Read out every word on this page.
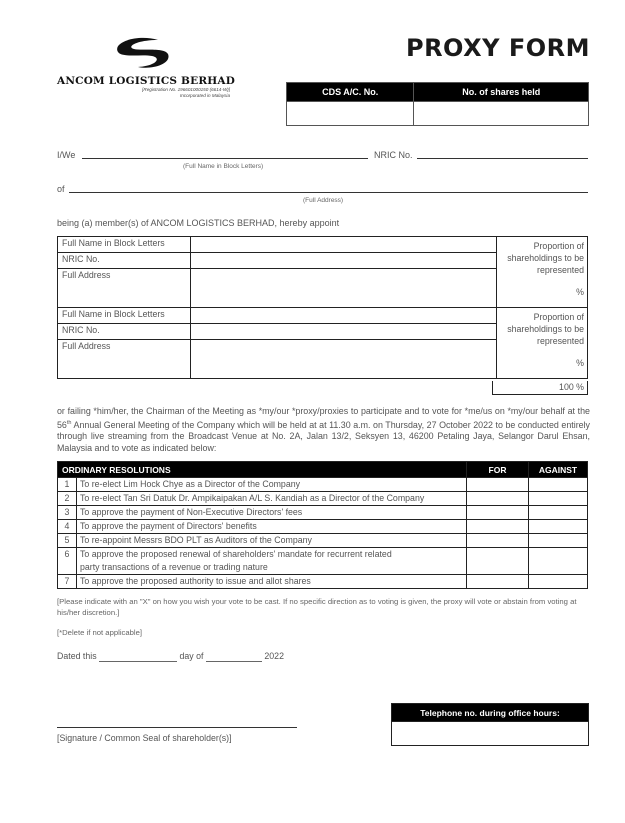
ANCOM LOGISTICS BERHAD
[Registration No. 196601000150 (6614-W)]
Incorporated in Malaysia
PROXY FORM
CDS A/C. No.	No. of shares held

I/We
(Full Name in Block Letters)
NRIC No.
of
(Full Address)
being (a) member(s) of ANCOM LOGISTICS BERHAD, hereby appoint
Full Name in Block Letters		Proportion of shareholdings to be represented
%

NRIC No.		
Full Address		
Full Name in Block Letters		Proportion of shareholdings to be represented
%

NRIC No.		
Full Address		
100 %
or failing *him/her, the Chairman of the Meeting as *my/our *proxy/proxies to participate and to vote for *me/us on *my/our behalf at the 56th Annual General Meeting of the Company which will be held at at 11.30 a.m. on Thursday, 27 October 2022 to be conducted entirely through live streaming from the Broadcast Venue at No. 2A, Jalan 13/2, Seksyen 13, 46200 Petaling Jaya, Selangor Darul Ehsan, Malaysia and to vote as indicated below:
ORDINARY RESOLUTIONS		FOR	AGAINST
1	To re-elect Lim Hock Chye as a Director of the Company		
2	To re-elect Tan Sri Datuk Dr. Ampikaipakan A/L S. Kandiah as a Director of the Company		
3	To approve the payment of Non-Executive Directors' fees		
4	To approve the payment of Directors' benefits		
5	To re-appoint Messrs BDO PLT as Auditors of the Company		
6	To approve the proposed renewal of shareholders' mandate for recurrent related party transactions of a revenue or trading nature		
7	To approve the proposed authority to issue and allot shares		
[Please indicate with an "X" on how you wish your vote to be cast. If no specific direction as to voting is given, the proxy will vote or abstain from voting at his/her discretion.]
[*Delete if not applicable]
Dated this	day of	2022
[Signature / Common Seal of shareholder(s)]
Telephone no. during office hours:
